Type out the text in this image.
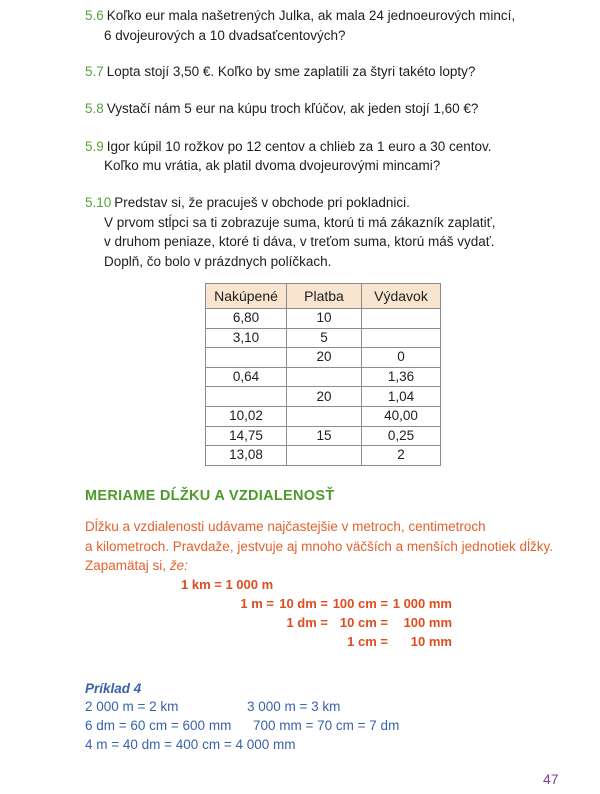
5.6 Koľko eur mala našetrených Julka, ak mala 24 jednoeurových mincí,
6 dvojeurových a 10 dvadsaťcentových?
5.7 Lopta stojí 3,50 €. Koľko by sme zaplatili za štyri takéto lopty?
5.8 Vystačí nám 5 eur na kúpu troch kľúčov, ak jeden stojí 1,60 €?
5.9 Igor kúpil 10 rožkov po 12 centov a chlieb za 1 euro a 30 centov.
Koľko mu vrátia, ak platil dvoma dvojeurovými mincami?
5.10 Predstav si, že pracuješ v obchode pri pokladnici.
V prvom stĺpci sa ti zobrazuje suma, ktorú ti má zákazník zaplatiť,
v druhom peniaze, ktoré ti dáva, v treťom suma, ktorú máš vydať.
Doplň, čo bolo v prázdnych políčkach.
Nakúpené	Platba	Výdavok
6,80	10	
3,10	5	
	20	0
0,64		1,36
	20	1,04
10,02		40,00
14,75	15	0,25
13,08		2
MERIAME DĹŽKU A VZDIALENOSŤ
Dĺžku a vzdialenosti udávame najčastejšie v metroch, centimetroch
a kilometroch. Pravdaže, jestvuje aj mnoho väčších a menších jednotiek dĺžky.
Zapamätaj si, že:
1 km = 1 000 m
1 m = 10 dm = 100 cm = 1 000 mm
1 dm = 10 cm =	100 mm
1 cm =	10 mm
Príklad 4
2 000 m = 2 km	3 000 m = 3 km
6 dm = 60 cm = 600 mm 700 mm = 70 cm = 7 dm
4 m = 40 dm = 400 cm = 4 000 mm
47
